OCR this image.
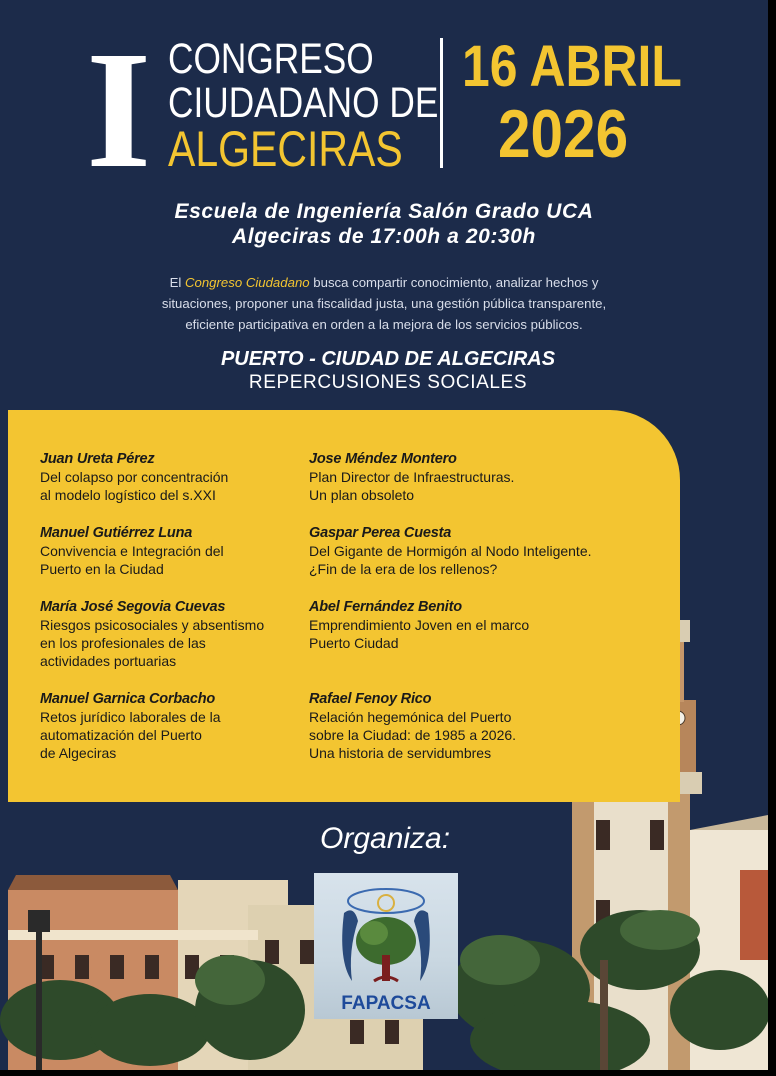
I CONGRESO
CIUDADANO DE
ALGECIRAS
16 ABRIL
2026
Escuela de Ingeniería Salón Grado UCA
Algeciras de 17:00h a 20:30h
El Congreso Ciudadano busca compartir conocimiento, analizar hechos y
situaciones, proponer una fiscalidad justa, una gestión pública transparente,
eficiente participativa en orden a la mejora de los servicios públicos.
PUERTO - CIUDAD DE ALGECIRAS
REPERCUSIONES SOCIALES
Juan Ureta Pérez
Del colapso por concentración
al modelo logístico del s.XXI
Manuel Gutiérrez Luna
Convivencia e Integración del
Puerto en la Ciudad
María José Segovia Cuevas
Riesgos psicosociales y absentismo
en los profesionales de las
actividades portuarias
Manuel Garnica Corbacho
Retos jurídico laborales de la
automatización del Puerto
de Algeciras
Jose Méndez Montero
Plan Director de Infraestructuras.
Un plan obsoleto
Gaspar Perea Cuesta
Del Gigante de Hormigón al Nodo Inteligente.
¿Fin de la era de los rellenos?
Abel Fernández Benito
Emprendimiento Joven en el marco
Puerto Ciudad
Rafael Fenoy Rico
Relación hegemónica del Puerto
sobre la Ciudad: de 1985 a 2026.
Una historia de servidumbres
Organiza:
FAPACSA
